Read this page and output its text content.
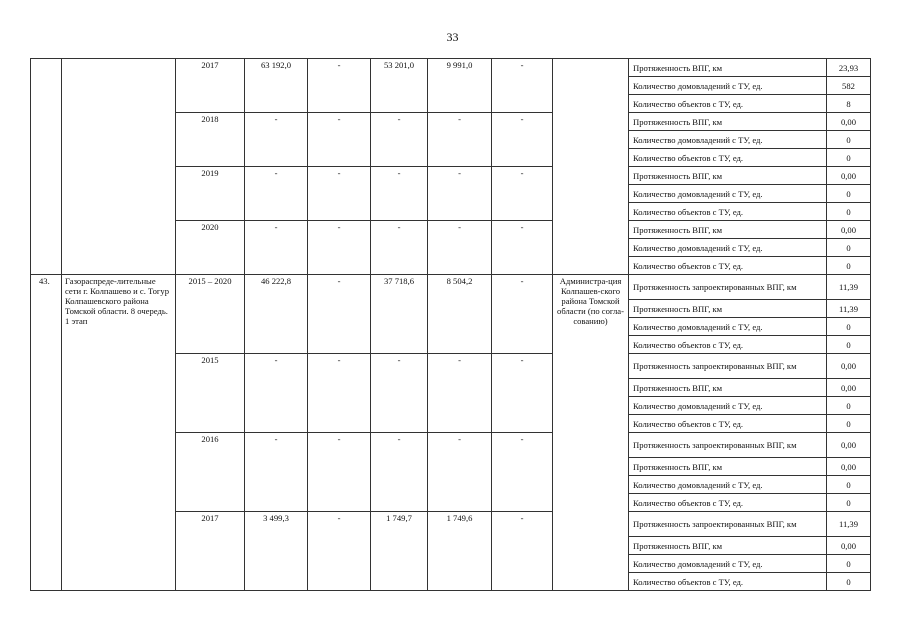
33
		2017	63 192,0	-	53 201,0	9 991,0	-		Протяженность ВПГ, км	23,93
									Количество домовладений с ТУ, ед.	582
									Количество объектов с ТУ, ед.	8
		2018	-	-	-	-	-		Протяженность ВПГ, км	0,00
									Количество домовладений с ТУ, ед.	0
									Количество объектов с ТУ, ед.	0
		2019	-	-	-	-	-		Протяженность ВПГ, км	0,00
									Количество домовладений с ТУ, ед.	0
									Количество объектов с ТУ, ед.	0
		2020	-	-	-	-	-		Протяженность ВПГ, км	0,00
									Количество домовладений с ТУ, ед.	0
									Количество объектов с ТУ, ед.	0
43.	Газораспреде-лительные сети г. Колпашево и с. Тогур Колпашевского района Томской области. 8 очередь. 1 этап	2015 – 2020	46 222,8	-	37 718,6	8 504,2	-	Администра-ция Колпашев-ского района Томской области (по согла-сованию)	Протяженность запроектированных ВПГ, км	11,39
									Протяженность ВПГ, км	11,39
									Количество домовладений с ТУ, ед.	0
									Количество объектов с ТУ, ед.	0
		2015	-	-	-	-	-		Протяженность запроектированных ВПГ, км	0,00
									Протяженность ВПГ, км	0,00
									Количество домовладений с ТУ, ед.	0
									Количество объектов с ТУ, ед.	0
		2016	-	-	-	-	-		Протяженность запроектированных ВПГ, км	0,00
									Протяженность ВПГ, км	0,00
									Количество домовладений с ТУ, ед.	0
									Количество объектов с ТУ, ед.	0
		2017	3 499,3	-	1 749,7	1 749,6	-		Протяженность запроектированных ВПГ, км	11,39
									Протяженность ВПГ, км	0,00
									Количество домовладений с ТУ, ед.	0
									Количество объектов с ТУ, ед.	0
